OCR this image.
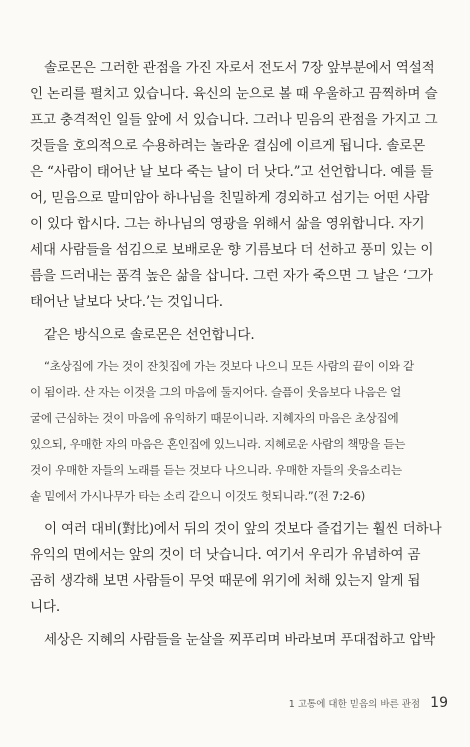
솔로몬은 그러한 관점을 가진 자로서 전도서 7장 앞부분에서 역설적
인 논리를 펼치고 있습니다. 육신의 눈으로 볼 때 우울하고 끔찍하며 슬
프고 충격적인 일들 앞에 서 있습니다. 그러나 믿음의 관점을 가지고 그
것들을 호의적으로 수용하려는 놀라운 결심에 이르게 됩니다. 솔로몬
은 “사람이 태어난 날 보다 죽는 날이 더 낫다.”고 선언합니다. 예를 들
어, 믿음으로 말미암아 하나님을 친밀하게 경외하고 섬기는 어떤 사람
이 있다 합시다. 그는 하나님의 영광을 위해서 삶을 영위합니다. 자기
세대 사람들을 섬김으로 보배로운 향 기름보다 더 선하고 풍미 있는 이
름을 드러내는 품격 높은 삶을 삽니다. 그런 자가 죽으면 그 날은 ‘그가
태어난 날보다 낫다.’는 것입니다.
같은 방식으로 솔로몬은 선언합니다.
“초상집에 가는 것이 잔칫집에 가는 것보다 나으니 모든 사람의 끝이 이와 같
이 됨이라. 산 자는 이것을 그의 마음에 둘지어다. 슬픔이 웃음보다 나음은 얼
굴에 근심하는 것이 마음에 유익하기 때문이니라. 지혜자의 마음은 초상집에
있으되, 우매한 자의 마음은 혼인집에 있느니라. 지혜로운 사람의 책망을 듣는
것이 우매한 자들의 노래를 듣는 것보다 나으니라. 우매한 자들의 웃음소리는
솥 밑에서 가시나무가 타는 소리 같으니 이것도 헛되니라.”(전 7:2-6)
이 여러 대비(對比)에서 뒤의 것이 앞의 것보다 즐겁기는 훨씬 더하나
유익의 면에서는 앞의 것이 더 낫습니다. 여기서 우리가 유념하여 곰
곰히 생각해 보면 사람들이 무엇 때문에 위기에 처해 있는지 알게 됩
니다.
세상은 지혜의 사람들을 눈살을 찌푸리며 바라보며 푸대접하고 압박
1 고통에 대한 믿음의 바른 관점 19
